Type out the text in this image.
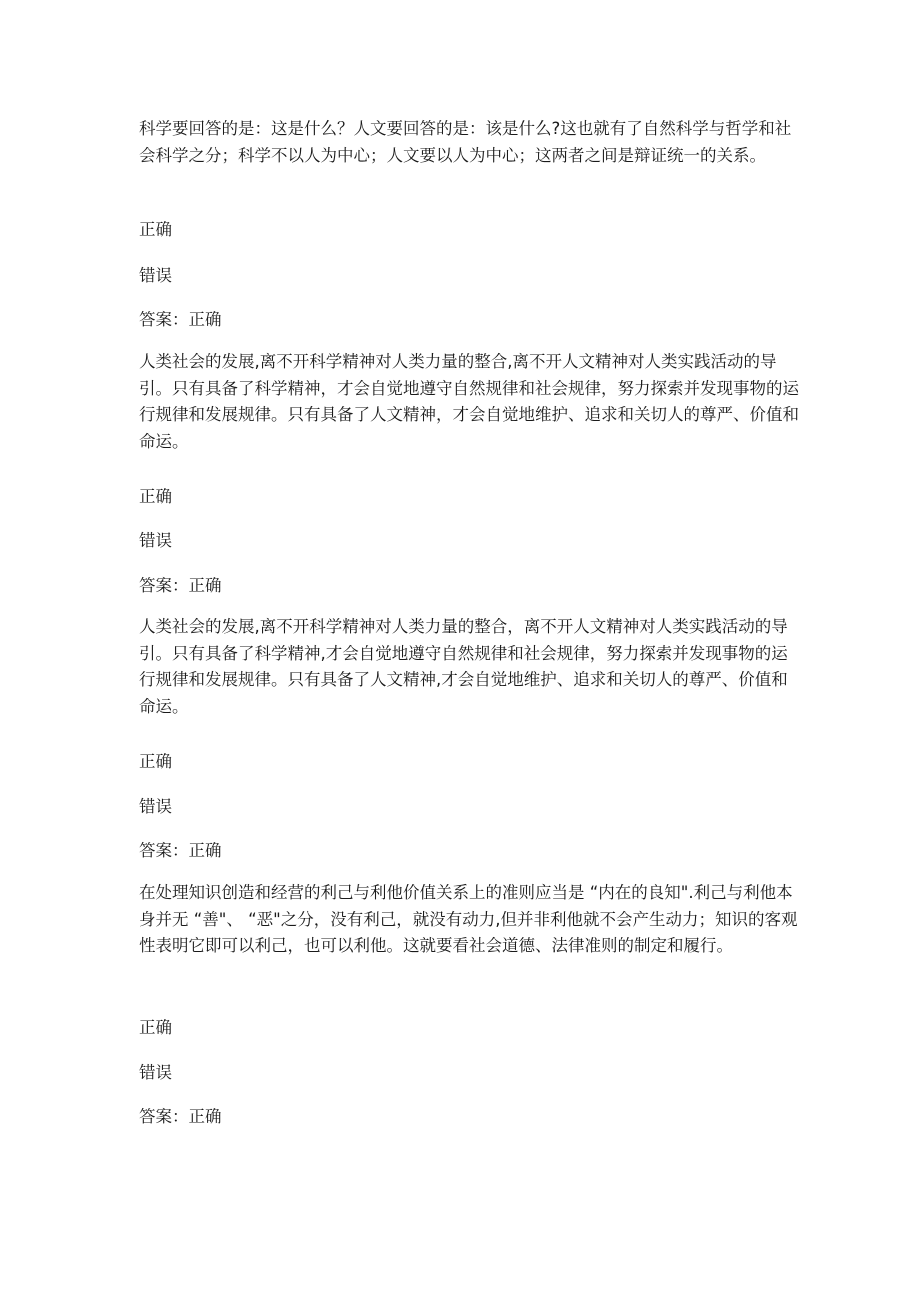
科学要回答的是：这是什么？人文要回答的是：该是什么?这也就有了自然科学与哲学和社会科学之分；科学不以人为中心；人文要以人为中心；这两者之间是辩证统一的关系。

正确

错误

答案：正确

人类社会的发展,离不开科学精神对人类力量的整合,离不开人文精神对人类实践活动的导引。只有具备了科学精神，才会自觉地遵守自然规律和社会规律，努力探索并发现事物的运行规律和发展规律。只有具备了人文精神，才会自觉地维护、追求和关切人的尊严、价值和命运。

正确

错误

答案：正确

人类社会的发展,离不开科学精神对人类力量的整合，离不开人文精神对人类实践活动的导引。只有具备了科学精神,才会自觉地遵守自然规律和社会规律，努力探索并发现事物的运行规律和发展规律。只有具备了人文精神,才会自觉地维护、追求和关切人的尊严、价值和命运。

正确

错误

答案：正确

在处理知识创造和经营的利己与利他价值关系上的准则应当是 “内在的良知".利己与利他本身并无 “善"、 “恶"之分，没有利己，就没有动力,但并非利他就不会产生动力；知识的客观性表明它即可以利己，也可以利他。这就要看社会道德、法律准则的制定和履行。

正确

错误

答案：正确
